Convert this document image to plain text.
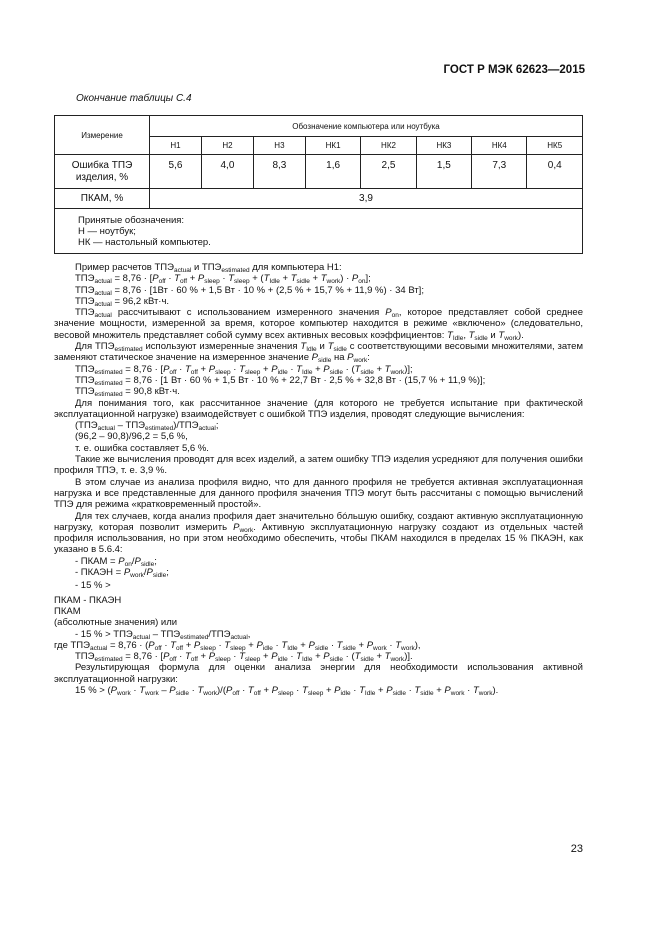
ГОСТ Р МЭК 62623—2015
Окончание таблицы С.4
Измерение	Обозначение компьютера или ноутбука							
	Н1	Н2	Н3	НК1	НК2	НК3	НК4	НК5
Ошибка ТПЭ изделия, %	5,6	4,0	8,3	1,6	2,5	1,5	7,3	0,4
ПКАМ, %	3,9							

Принятые обозначения:
Н — ноутбук;
НК — настольный компьютер.								

Пример расчетов $ТПЭ_{actual}$ и $ТПЭ_{estimated}$ для компьютера Н1:

$ТПЭ_{actual} = 8,76 \cdot [P_{off} \cdot T_{off} + P_{sleep} \cdot T_{sleep} + (T_{Idle} + T_{sidle} + T_{work}) \cdot P_{on}]$;

$ТПЭ_{actual} = 8,76 \cdot [1Вт \cdot 60$ % + 1,5 Вт · 10 % + (2,5 % + 15,7 % + 11,9 %) · 34 Вт];

$ТПЭ_{actual} = 96,2$ кВт·ч.

$ТПЭ_{actual}$ рассчитывают с использованием измеренного значения $P_{on}$, которое представляет собой среднее значение мощности, измеренной за время, которое компьютер находится в режиме «включено» (следовательно, весовой множитель представляет собой сумму всех активных весовых коэффициентов: $T_{Idle}$, $T_{sidle}$ и $T_{work}$).

Для $ТПЭ_{estimated}$ используют измеренные значения $T_{Idle}$ и $T_{sidle}$ с соответствующими весовыми множителями, затем заменяют статическое значение на измеренное значение $P_{sidle}$ на $P_{work}$:

$ТПЭ_{estimated} = 8,76 \cdot [P_{off} \cdot T_{off} + P_{sleep} \cdot T_{sleep} + P_{idle} \cdot T_{Idle} + P_{sidle} \cdot (T_{sidle} + T_{work})]$;

$ТПЭ_{estimated} = 8,76 \cdot [1$ Вт · 60 % + 1,5 Вт · 10 % + 22,7 Вт · 2,5 % + 32,8 Вт · (15,7 % + 11,9 %)];

$ТПЭ_{estimated} = 90,8$ кВт·ч.

Для понимания того, как рассчитанное значение (для которого не требуется испытание при фактической эксплуатационной нагрузке) взаимодействует с ошибкой ТПЭ изделия, проводят следующие вычисления:

$(ТПЭ_{actual} - ТПЭ_{estimated})/ТПЭ_{actual}$;

(96,2 – 90,8)/96,2 = 5,6 %,

т. е. ошибка составляет 5,6 %.

Такие же вычисления проводят для всех изделий, а затем ошибку ТПЭ изделия усредняют для получения ошибки профиля ТПЭ, т. е. 3,9 %.

В этом случае из анализа профиля видно, что для данного профиля не требуется активная эксплуатационная нагрузка и все представленные для данного профиля значения ТПЭ могут быть рассчитаны с помощью вычислений ТПЭ для режима «кратковременный простой».

Для тех случаев, когда анализ профиля дает значительно бóльшую ошибку, создают активную эксплуатационную нагрузку, которая позволит измерить $P_{work}$. Активную эксплуатационную нагрузку создают из отдельных частей профиля использования, но при этом необходимо обеспечить, чтобы ПКАМ находился в пределах 15 % ПКАЭН, как указано в 5.6.4:

- ПКАМ = $P_{on}/P_{sidle}$;

- ПКАЭН = $P_{work}/P_{sidle}$;

- 15 % >

ПКАМ - ПКАЭН
ПКАМ
(абсолютные значения) или

- 15 % > $ТПЭ_{actual} - ТПЭ_{estimated}/ТПЭ_{actual}$,

где $ТПЭ_{actual} = 8,76 \cdot (P_{off} \cdot T_{off} + P_{sleep} \cdot T_{sleep} + P_{idle} \cdot T_{Idle} + P_{sidle} \cdot T_{sidle} + P_{work} \cdot T_{work})$,

$ТПЭ_{estimated} = 8,76 \cdot [P_{off} \cdot T_{off} + P_{sleep} \cdot T_{sleep} + P_{idle} \cdot T_{Idle} + P_{sidle} \cdot (T_{sidle} + T_{work})]$.

Результирующая формула для оценки анализа энергии для необходимости использования активной эксплуатационной нагрузки:

15 % > $(P_{work} \cdot T_{work} - P_{sidle} \cdot T_{work})/(P_{off} \cdot T_{off} + P_{sleep} \cdot T_{sleep} + P_{idle} \cdot T_{Idle} + P_{sidle} \cdot T_{sidle} + P_{work} \cdot T_{work})$.

23
